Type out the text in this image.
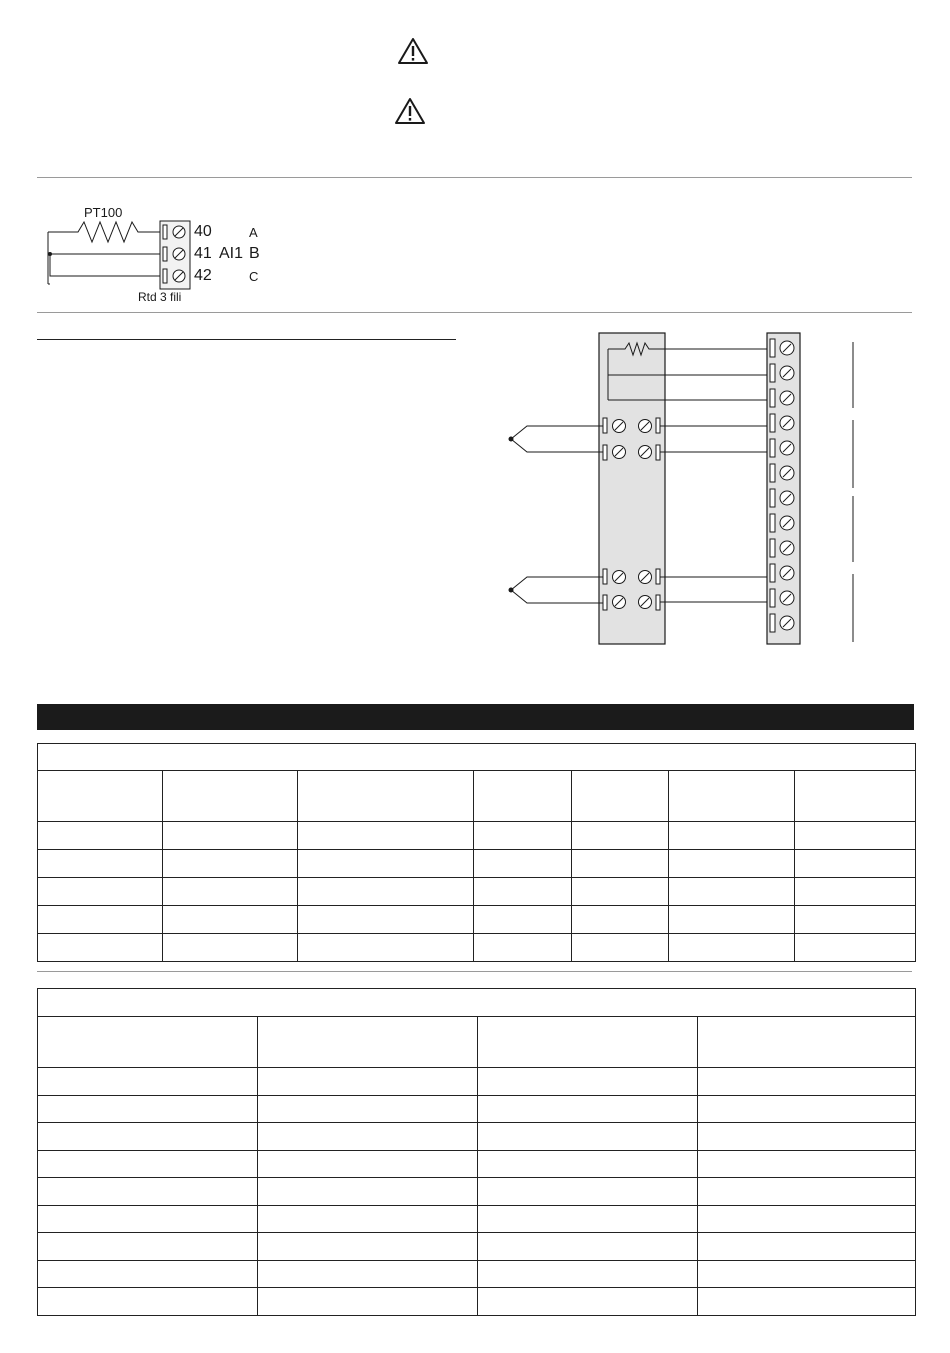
PT100
40
41
42
AI1
A
B
C
Rtd 3 fili
